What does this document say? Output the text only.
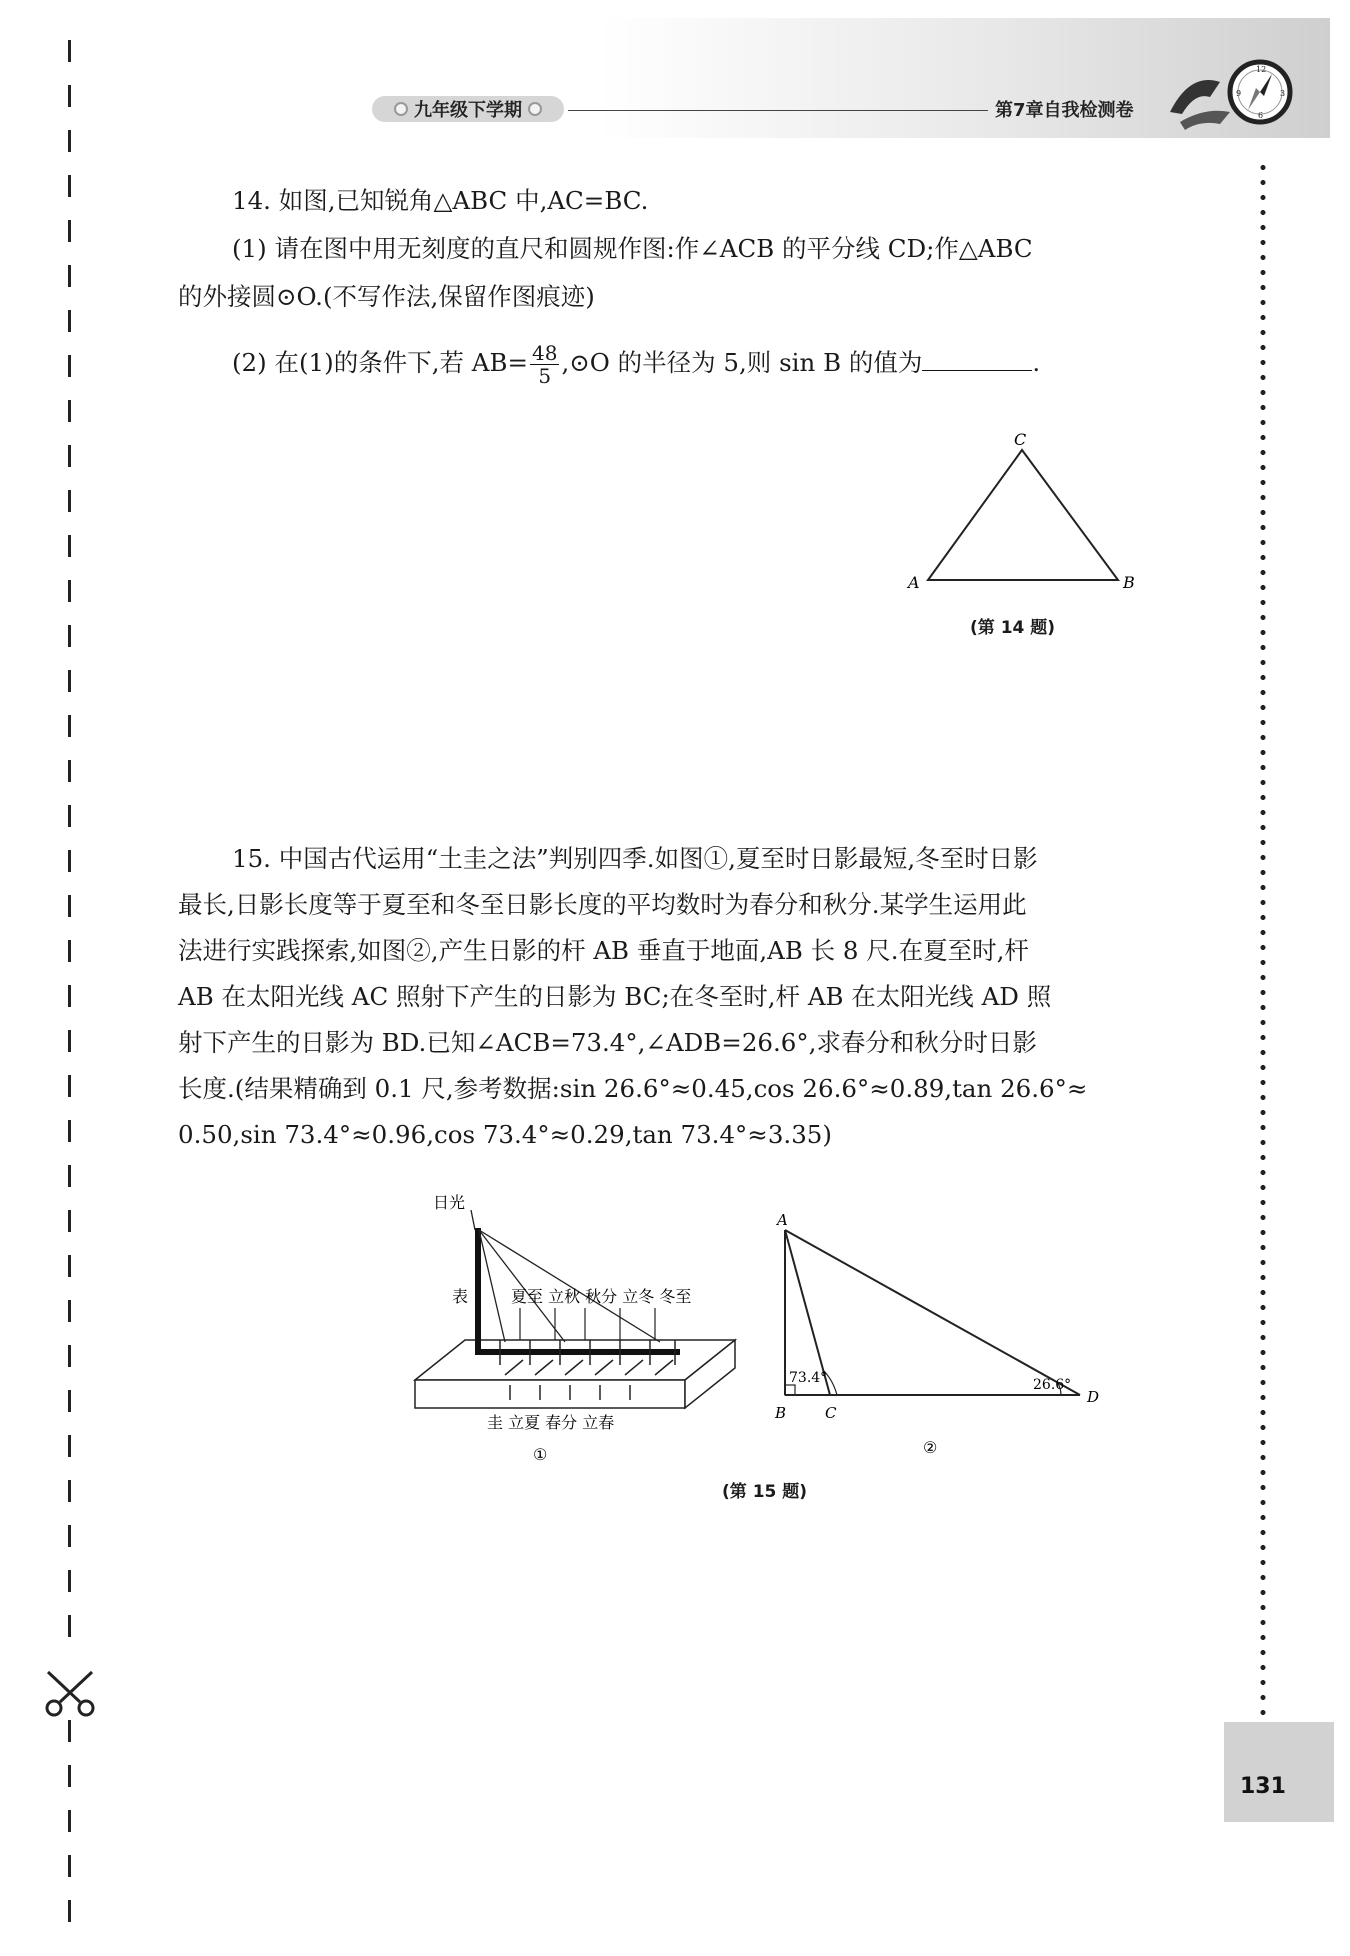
九年级下学期	第7章自我检测卷
12
3
6
9
131
14. 如图,已知锐角△ABC 中,AC=BC.
(1) 请在图中用无刻度的直尺和圆规作图:作∠ACB 的平分线 CD;作△ABC
的外接圆⊙O.(不写作法,保留作图痕迹)
(2) 在(1)的条件下,若 $AB= \frac{48}{5}$ ,⊙O 的半径为 5,则 sin B 的值为	.
C
A	B
(第 14 题)
15. 中国古代运用“土圭之法”判别四季.如图①,夏至时日影最短,冬至时日影
最长,日影长度等于夏至和冬至日影长度的平均数时为春分和秋分.某学生运用此
法进行实践探索,如图②,产生日影的杆 AB 垂直于地面,AB 长 8 尺.在夏至时,杆
AB 在太阳光线 AC 照射下产生的日影为 BC;在冬至时,杆 AB 在太阳光线 AD 照
射下产生的日影为 BD.已知∠ACB=73.4°,∠ADB=26.6°,求春分和秋分时日影
长度.(结果精确到 0.1 尺,参考数据:sin 26.6°≈0.45,cos 26.6°≈0.89,tan 26.6°≈
0.50,sin 73.4°≈0.96,cos 73.4°≈0.29,tan 73.4°≈3.35)
日光
表	夏至 立秋 秋分 立冬 冬至
圭 立夏 春分 立春
①
A
B	C
D
73.4°	26.6°
②
(第 15 题)
